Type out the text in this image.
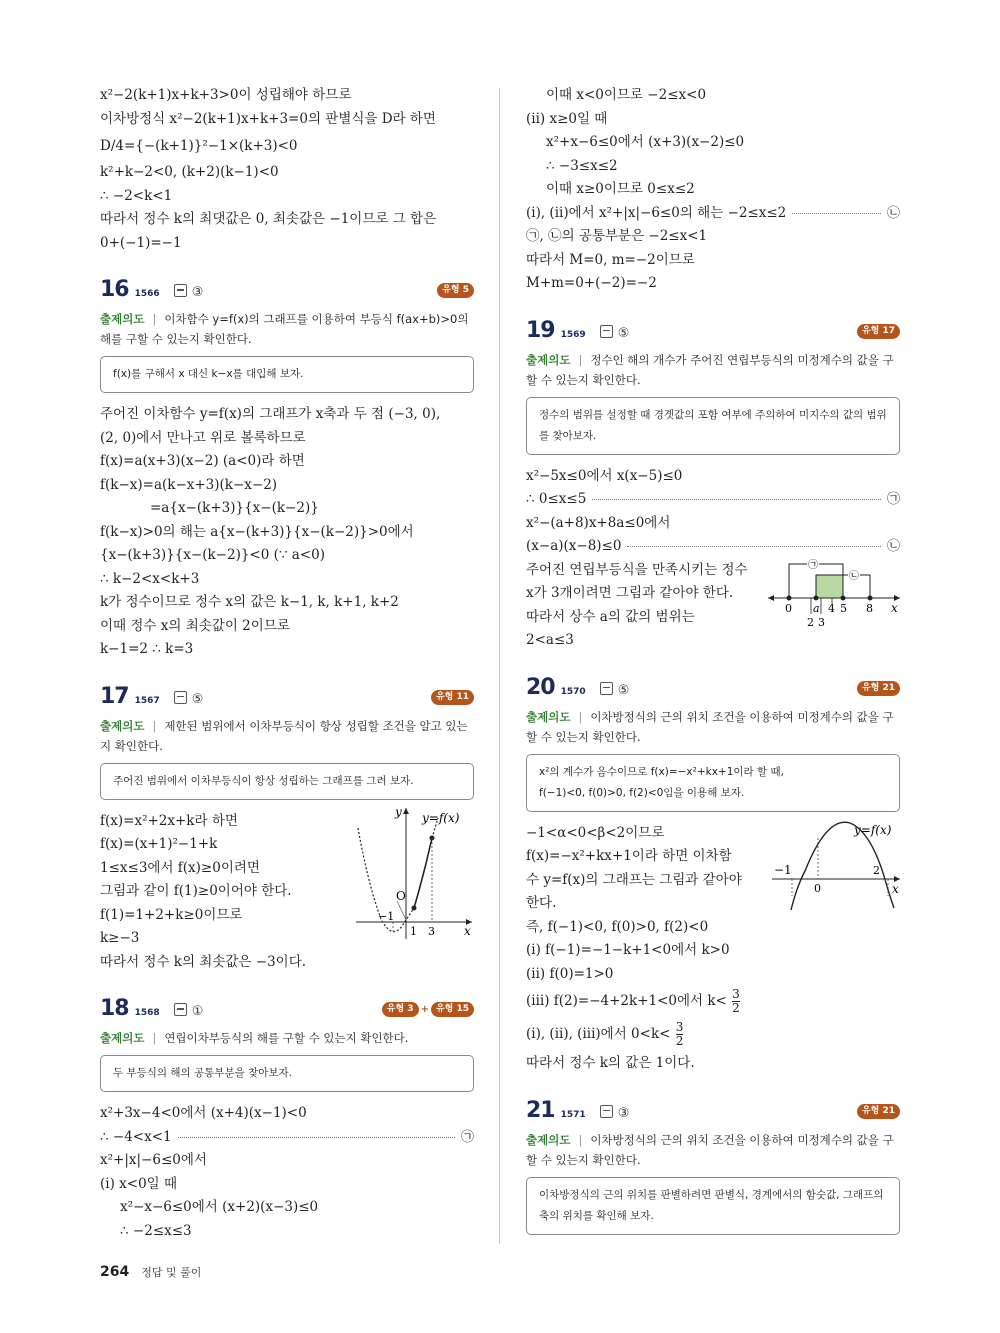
x²−2(k+1)x+k+3>0이 성립해야 하므로
이차방정식 x²−2(k+1)x+k+3=0의 판별식을 D라 하면
D/4={−(k+1)}²−1×(k+3)<0
k²+k−2<0, (k+2)(k−1)<0
∴ −2<k<1
따라서 정수 k의 최댓값은 0, 최솟값은 −1이므로 그 합은
0+(−1)=−1
16 1566 ③	유형 5
출제의도 | 이차함수 y=f(x)의 그래프를 이용하여 부등식 f(ax+b)>0의 해를 구할 수 있는지 확인한다.
f(x)를 구해서 x 대신 k−x를 대입해 보자.
주어진 이차함수 y=f(x)의 그래프가 x축과 두 점 (−3, 0),
(2, 0)에서 만나고 위로 볼록하므로
f(x)=a(x+3)(x−2) (a<0)라 하면
f(k−x)=a(k−x+3)(k−x−2)
=a{x−(k+3)}{x−(k−2)}
f(k−x)>0의 해는 a{x−(k+3)}{x−(k−2)}>0에서
{x−(k+3)}{x−(k−2)}<0 (∵ a<0)
∴ k−2<x<k+3
k가 정수이므로 정수 x의 값은 k−1, k, k+1, k+2
이때 정수 x의 최솟값이 2이므로
k−1=2 ∴ k=3
17 1567 ⑤	유형 11
출제의도 | 제한된 범위에서 이차부등식이 항상 성립할 조건을 알고 있는지 확인한다.
주어진 범위에서 이차부등식이 항상 성립하는 그래프를 그려 보자.
f(x)=x²+2x+k라 하면
f(x)=(x+1)²−1+k
1≤x≤3에서 f(x)≥0이려면
그림과 같이 f(1)≥0이어야 한다.
f(1)=1+2+k≥0이므로
k≥−3
따라서 정수 k의 최솟값은 −3이다.
O
−1
1 3 x
y y=f(x)
18 1568 ①	유형 3 + 유형 15
출제의도 | 연립이차부등식의 해를 구할 수 있는지 확인한다.
두 부등식의 해의 공통부분을 찾아보자.
x²+3x−4<0에서 (x+4)(x−1)<0
∴ −4<x<1	㉠
x²+|x|−6≤0에서
(i) x<0일 때
x²−x−6≤0에서 (x+2)(x−3)≤0
∴ −2≤x≤3
이때 x<0이므로 −2≤x<0
(ii) x≥0일 때
x²+x−6≤0에서 (x+3)(x−2)≤0
∴ −3≤x≤2
이때 x≥0이므로 0≤x≤2
(i), (ii)에서 x²+|x|−6≤0의 해는 −2≤x≤2	㉡
㉠, ㉡의 공통부분은 −2≤x<1
따라서 M=0, m=−2이므로
M+m=0+(−2)=−2
19 1569 ⑤	유형 17
출제의도 | 정수인 해의 개수가 주어진 연립부등식의 미정계수의 값을 구할 수 있는지 확인한다.
정수의 범위를 설정할 때 경곗값의 포함 여부에 주의하여 미지수의 값의 범위를 찾아보자.
x²−5x≤0에서 x(x−5)≤0
∴ 0≤x≤5	㉠
x²−(a+8)x+8a≤0에서
(x−a)(x−8)≤0	㉡
주어진 연립부등식을 만족시키는 정수
x가 3개이려면 그림과 같아야 한다.
따라서 상수 a의 값의 범위는
2<a≤3
㉠
㉡
0 a 4 5 8 x
2 3
20 1570 ⑤	유형 21
출제의도 | 이차방정식의 근의 위치 조건을 이용하여 미정계수의 값을 구할 수 있는지 확인한다.
x²의 계수가 음수이므로 f(x)=−x²+kx+1이라 할 때,
f(−1)<0, f(0)>0, f(2)<0임을 이용해 보자.
−1<α<0<β<2이므로
f(x)=−x²+kx+1이라 하면 이차함
수 y=f(x)의 그래프는 그림과 같아야
한다.
즉, f(−1)<0, f(0)>0, f(2)<0
(i) f(−1)=−1−k+1<0에서 k>0
(ii) f(0)=1>0
(iii) f(2)=−4+2k+1<0에서 $k< \frac{3}{2}$
(i), (ii), (iii)에서 $0<k< \frac{3}{2}$
따라서 정수 k의 값은 1이다.
−1
0
2
x
y=f(x)
21 1571 ③	유형 21
출제의도 | 이차방정식의 근의 위치 조건을 이용하여 미정계수의 값을 구할 수 있는지 확인한다.
이차방정식의 근의 위치를 판별하려면 판별식, 경계에서의 함숫값, 그래프의 축의 위치를 확인해 보자.
264 정답 및 풀이
